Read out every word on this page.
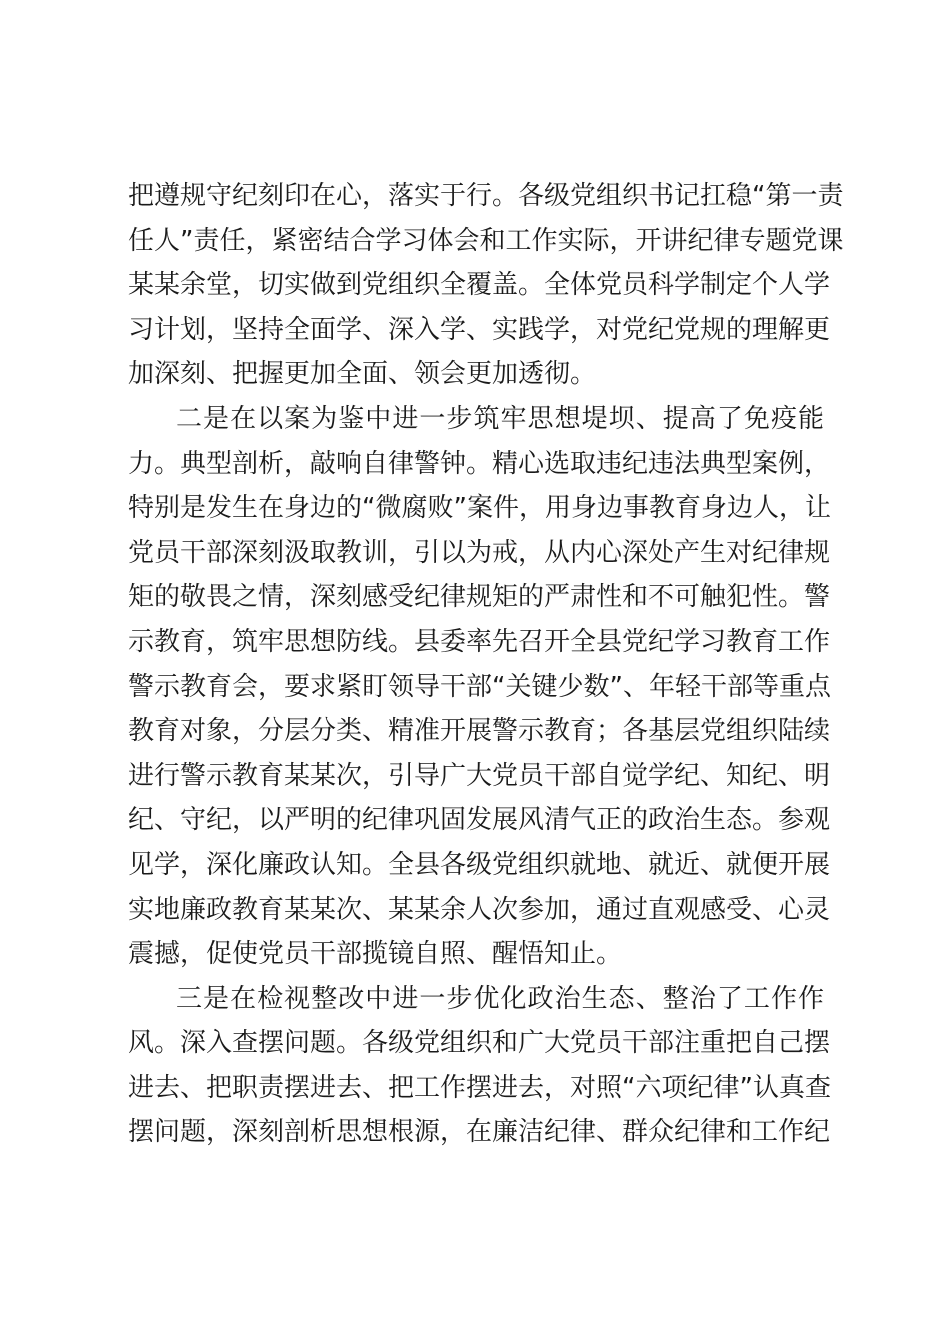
把遵规守纪刻印在心，落实于行。各级党组织书记扛稳“第一责
任人”责任，紧密结合学习体会和工作实际，开讲纪律专题党课
某某余堂，切实做到党组织全覆盖。全体党员科学制定个人学
习计划，坚持全面学、深入学、实践学，对党纪党规的理解更
加深刻、把握更加全面、领会更加透彻。
二是在以案为鉴中进一步筑牢思想堤坝、提高了免疫能
力。典型剖析，敲响自律警钟。精心选取违纪违法典型案例，
特别是发生在身边的“微腐败”案件，用身边事教育身边人，让
党员干部深刻汲取教训，引以为戒，从内心深处产生对纪律规
矩的敬畏之情，深刻感受纪律规矩的严肃性和不可触犯性。警
示教育，筑牢思想防线。县委率先召开全县党纪学习教育工作
警示教育会，要求紧盯领导干部“关键少数”、年轻干部等重点
教育对象，分层分类、精准开展警示教育；各基层党组织陆续
进行警示教育某某次，引导广大党员干部自觉学纪、知纪、明
纪、守纪，以严明的纪律巩固发展风清气正的政治生态。参观
见学，深化廉政认知。全县各级党组织就地、就近、就便开展
实地廉政教育某某次、某某余人次参加，通过直观感受、心灵
震撼，促使党员干部揽镜自照、醒悟知止。
三是在检视整改中进一步优化政治生态、整治了工作作
风。深入查摆问题。各级党组织和广大党员干部注重把自己摆
进去、把职责摆进去、把工作摆进去，对照“六项纪律”认真查
摆问题，深刻剖析思想根源，在廉洁纪律、群众纪律和工作纪
